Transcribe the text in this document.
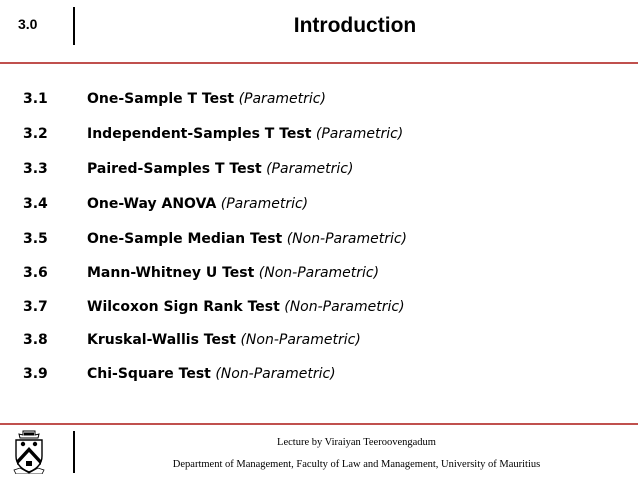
3.0	Introduction
3.1	One-Sample T Test (Parametric)
3.2	Independent-Samples T Test (Parametric)
3.3	Paired-Samples T Test (Parametric)
3.4	One-Way ANOVA (Parametric)
3.5	One-Sample Median Test (Non-Parametric)
3.6	Mann-Whitney U Test (Non-Parametric)
3.7	Wilcoxon Sign Rank Test (Non-Parametric)
3.8	Kruskal-Wallis Test (Non-Parametric)
3.9	Chi-Square Test (Non-Parametric)
Lecture by Viraiyan Teeroovengadum
Department of Management, Faculty of Law and Management, University of Mauritius
